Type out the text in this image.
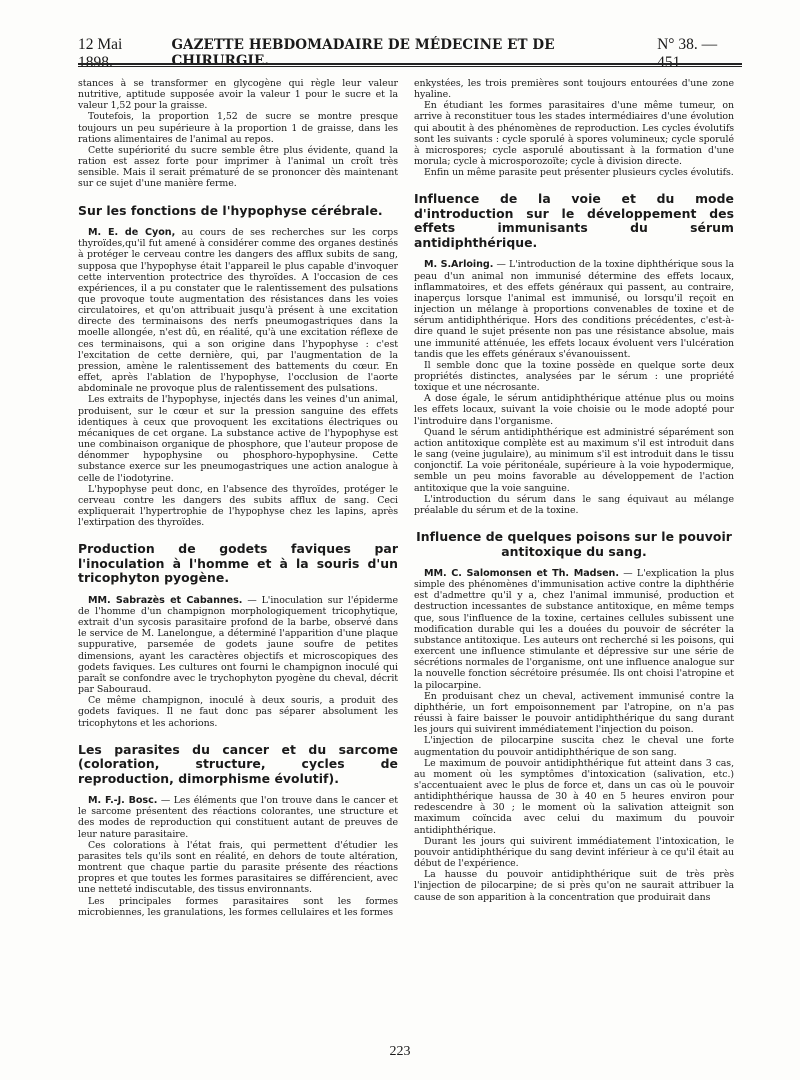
12 Mai 1898.
GAZETTE HEBDOMADAIRE DE MÉDECINE ET DE CHIRURGIE.
N° 38. — 451

stances à se transformer en glycogène qui règle leur valeur nutritive, aptitude supposée avoir la valeur 1 pour le sucre et la valeur 1,52 pour la graisse.

Toutefois, la proportion 1,52 de sucre se montre presque toujours un peu supérieure à la proportion 1 de graisse, dans les rations alimentaires de l'animal au repos.

Cette supériorité du sucre semble être plus évidente, quand la ration est assez forte pour imprimer à l'animal un croît très sensible. Mais il serait prématuré de se prononcer dès maintenant sur ce sujet d'une manière ferme.

Sur les fonctions de l'hypophyse cérébrale.

M. E. de Cyon, au cours de ses recherches sur les corps thyroïdes,qu'il fut amené à considérer comme des organes destinés à protéger le cerveau contre les dangers des afflux subits de sang, supposa que l'hypophyse était l'appareil le plus capable d'invoquer cette intervention protectrice des thyroïdes. A l'occasion de ces expériences, il a pu constater que le ralentissement des pulsations que provoque toute augmentation des résistances dans les voies circulatoires, et qu'on attribuait jusqu'à présent à une excitation directe des terminaisons des nerfs pneumogastriques dans la moelle allongée, n'est dû, en réalité, qu'à une excitation réflexe de ces terminaisons, qui a son origine dans l'hypophyse : c'est l'excitation de cette dernière, qui, par l'augmentation de la pression, amène le ralentissement des battements du cœur. En effet, après l'ablation de l'hypophyse, l'occlusion de l'aorte abdominale ne provoque plus de ralentissement des pulsations.

Les extraits de l'hypophyse, injectés dans les veines d'un animal, produisent, sur le cœur et sur la pression sanguine des effets identiques à ceux que provoquent les excitations électriques ou mécaniques de cet organe. La substance active de l'hypophyse est une combinaison organique de phosphore, que l'auteur propose de dénommer hypophysine ou phosphoro-hypophysine. Cette substance exerce sur les pneumogastriques une action analogue à celle de l'iodotyrine.

L'hypophyse peut donc, en l'absence des thyroïdes, protéger le cerveau contre les dangers des subits afflux de sang. Ceci expliquerait l'hypertrophie de l'hypophyse chez les lapins, après l'extirpation des thyroïdes.

Production de godets faviques par l'inoculation à l'homme et à la souris d'un tricophyton pyogène.

MM. Sabrazès et Cabannes. — L'inoculation sur l'épiderme de l'homme d'un champignon morphologiquement tricophytique, extrait d'un sycosis parasitaire profond de la barbe, observé dans le service de M. Lanelongue, a déterminé l'apparition d'une plaque suppurative, parsemée de godets jaune soufre de petites dimensions, ayant les caractères objectifs et microscopiques des godets faviques. Les cultures ont fourni le champignon inoculé qui paraît se confondre avec le trychophyton pyogène du cheval, décrit par Sabouraud.

Ce même champignon, inoculé à deux souris, a produit des godets faviques. Il ne faut donc pas séparer absolument les tricophytons et les achorions.

Les parasites du cancer et du sarcome (coloration, structure, cycles de reproduction, dimorphisme évolutif).

M. F.-J. Bosc. — Les éléments que l'on trouve dans le cancer et le sarcome présentent des réactions colorantes, une structure et des modes de reproduction qui constituent autant de preuves de leur nature parasitaire.

Ces colorations à l'état frais, qui permettent d'étudier les parasites tels qu'ils sont en réalité, en dehors de toute altération, montrent que chaque partie du parasite présente des réactions propres et que toutes les formes parasitaires se différencient, avec une netteté indiscutable, des tissus environnants.

Les principales formes parasitaires sont les formes microbiennes, les granulations, les formes cellulaires et les formes

enkystées, les trois premières sont toujours entourées d'une zone hyaline.

En étudiant les formes parasitaires d'une même tumeur, on arrive à reconstituer tous les stades intermédiaires d'une évolution qui aboutit à des phénomènes de reproduction. Les cycles évolutifs sont les suivants : cycle sporulé à spores volumineux; cycle sporulé à microspores; cycle asporulé aboutissant à la formation d'une morula; cycle à microsporozoïte; cycle à division directe.

Enfin un même parasite peut présenter plusieurs cycles évolutifs.

Influence de la voie et du mode d'introduction sur le développement des effets immunisants du sérum antidiphthérique.

M. S.Arloing. — L'introduction de la toxine diphthérique sous la peau d'un animal non immunisé détermine des effets locaux, inflammatoires, et des effets généraux qui passent, au contraire, inaperçus lorsque l'animal est immunisé, ou lorsqu'il reçoit en injection un mélange à proportions convenables de toxine et de sérum antidiphthérique. Hors des conditions précédentes, c'est-à-dire quand le sujet présente non pas une résistance absolue, mais une immunité atténuée, les effets locaux évoluent vers l'ulcération tandis que les effets généraux s'évanouissent.

Il semble donc que la toxine possède en quelque sorte deux propriétés distinctes, analysées par le sérum : une propriété toxique et une nécrosante.

A dose égale, le sérum antidiphthérique atténue plus ou moins les effets locaux, suivant la voie choisie ou le mode adopté pour l'introduire dans l'organisme.

Quand le sérum antidiphthérique est administré séparément son action antitoxique complète est au maximum s'il est introduit dans le sang (veine jugulaire), au minimum s'il est introduit dans le tissu conjonctif. La voie péritonéale, supérieure à la voie hypodermique, semble un peu moins favorable au développement de l'action antitoxique que la voie sanguine.

L'introduction du sérum dans le sang équivaut au mélange préalable du sérum et de la toxine.

Influence de quelques poisons sur le pouvoir antitoxique du sang.

MM. C. Salomonsen et Th. Madsen. — L'explication la plus simple des phénomènes d'immunisation active contre la diphthérie est d'admettre qu'il y a, chez l'animal immunisé, production et destruction incessantes de substance antitoxique, en même temps que, sous l'influence de la toxine, certaines cellules subissent une modification durable qui les a douées du pouvoir de sécréter la substance antitoxique. Les auteurs ont recherché si les poisons, qui exercent une influence stimulante et dépressive sur une série de sécrétions normales de l'organisme, ont une influence analogue sur la nouvelle fonction sécrétoire présumée. Ils ont choisi l'atropine et la pilocarpine.

En produisant chez un cheval, activement immunisé contre la diphthérie, un fort empoisonnement par l'atropine, on n'a pas réussi à faire baisser le pouvoir antidiphthérique du sang durant les jours qui suivirent immédiatement l'injection du poison.

L'injection de pilocarpine suscita chez le cheval une forte augmentation du pouvoir antidiphthérique de son sang.

Le maximum de pouvoir antidiphthérique fut atteint dans 3 cas, au moment où les symptômes d'intoxication (salivation, etc.) s'accentuaient avec le plus de force et, dans un cas où le pouvoir antidiphthérique haussa de 30 à 40 en 5 heures environ pour redescendre à 30 ; le moment où la salivation atteignit son maximum coïncida avec celui du maximum du pouvoir antidiphthérique.

Durant les jours qui suivirent immédiatement l'intoxication, le pouvoir antidiphthérique du sang devint inférieur à ce qu'il était au début de l'expérience.

La hausse du pouvoir antidiphthérique suit de très près l'injection de pilocarpine; de si près qu'on ne saurait attribuer la cause de son apparition à la concentration que produirait dans

223
